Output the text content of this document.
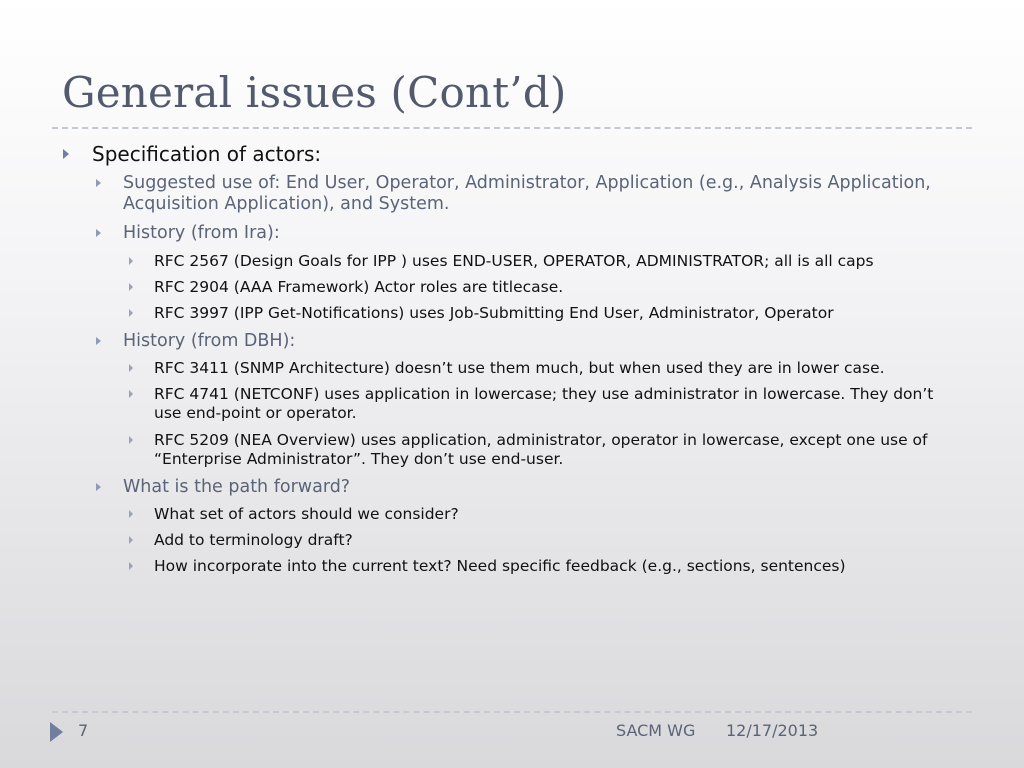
General issues (Cont’d)
Specification of actors:
Suggested use of: End User, Operator, Administrator, Application (e.g., Analysis Application, Acquisition Application), and System.
History (from Ira):
RFC 2567 (Design Goals for IPP ) uses END-USER, OPERATOR, ADMINISTRATOR; all is all caps
RFC 2904 (AAA Framework) Actor roles are titlecase.
RFC 3997 (IPP Get-Notifications) uses Job-Submitting End User, Administrator, Operator
History (from DBH):
RFC 3411 (SNMP Architecture) doesn’t use them much, but when used they are in lower case.
RFC 4741 (NETCONF) uses application in lowercase; they use administrator in lowercase. They don’t use end-point or operator.
RFC 5209 (NEA Overview) uses application, administrator, operator in lowercase, except one use of “Enterprise Administrator”. They don’t use end-user.
What is the path forward?
What set of actors should we consider?
Add to terminology draft?
How incorporate into the current text? Need specific feedback (e.g., sections, sentences)
7	SACM WG 12/17/2013
